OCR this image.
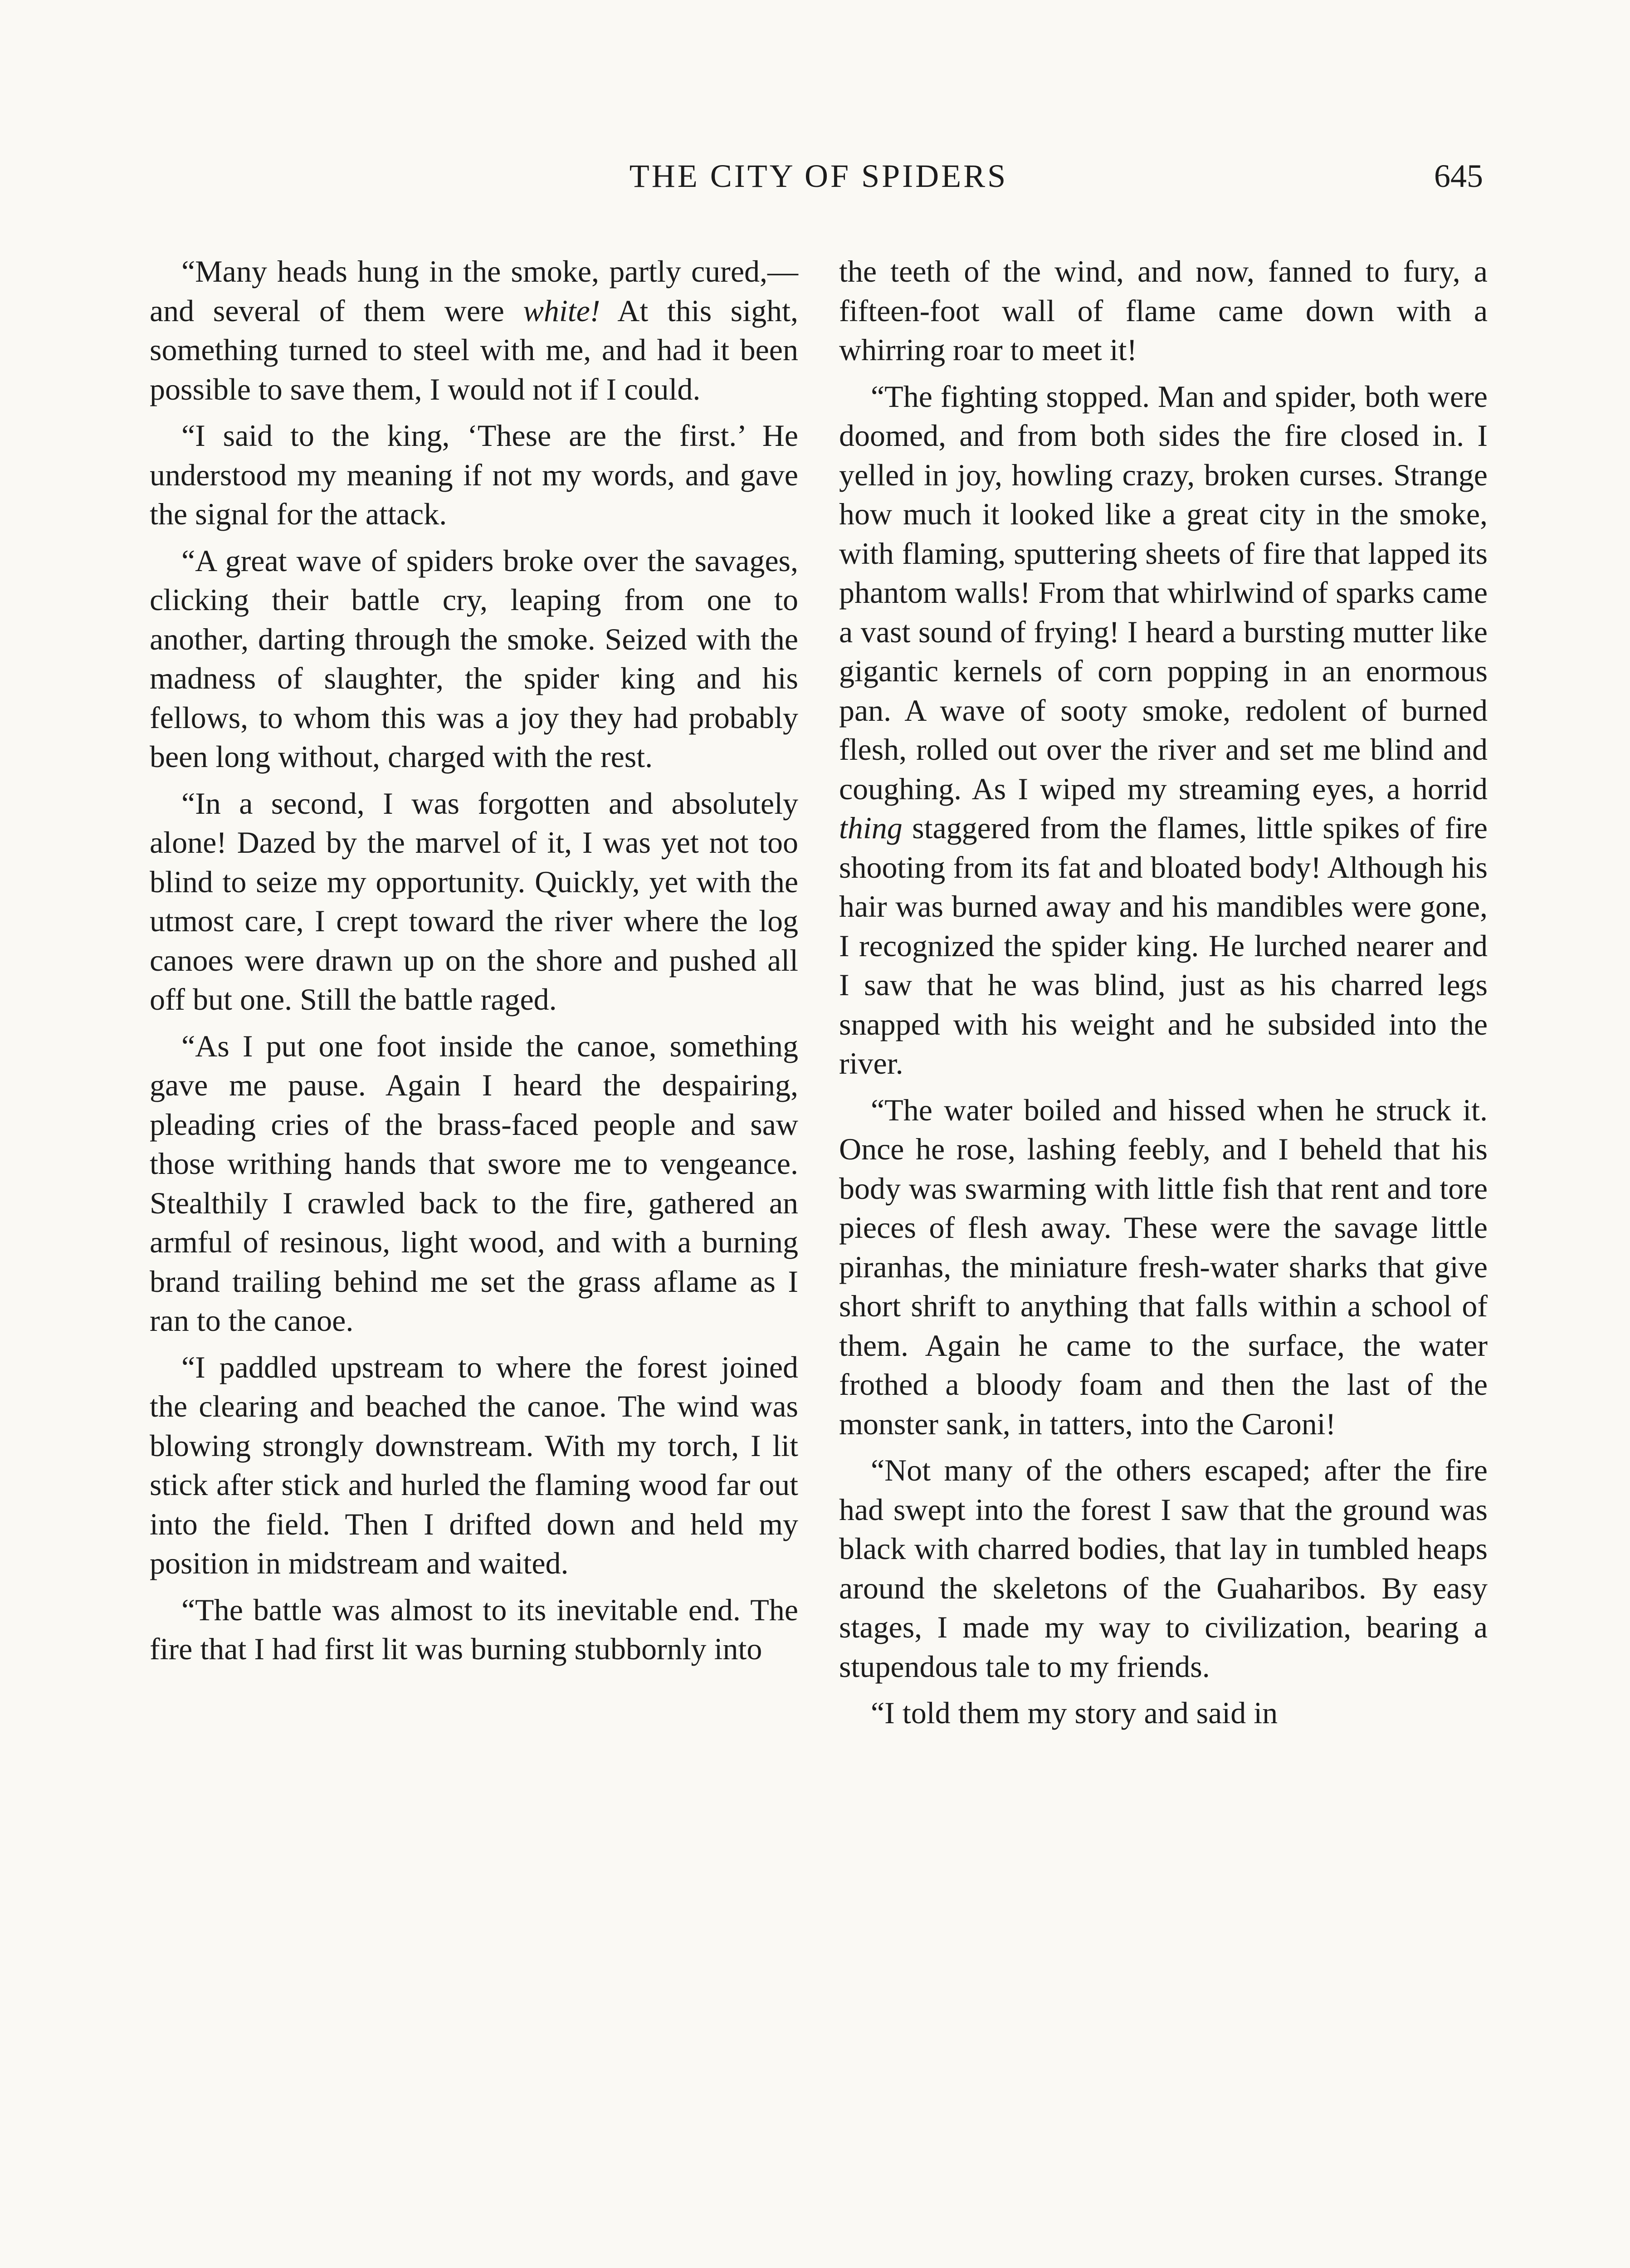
THE CITY OF SPIDERS	645

“Many heads hung in the smoke, partly cured,—and several of them were white! At this sight, something turned to steel with me, and had it been possible to save them, I would not if I could.

“I said to the king, ‘These are the first.’ He understood my meaning if not my words, and gave the signal for the attack.

“A great wave of spiders broke over the savages, clicking their battle cry, leaping from one to another, darting through the smoke. Seized with the madness of slaughter, the spider king and his fellows, to whom this was a joy they had probably been long without, charged with the rest.

“In a second, I was forgotten and absolutely alone! Dazed by the marvel of it, I was yet not too blind to seize my opportunity. Quickly, yet with the utmost care, I crept toward the river where the log canoes were drawn up on the shore and pushed all off but one. Still the battle raged.

“As I put one foot inside the canoe, something gave me pause. Again I heard the despairing, pleading cries of the brass-faced people and saw those writhing hands that swore me to vengeance. Stealthily I crawled back to the fire, gathered an armful of resinous, light wood, and with a burning brand trailing behind me set the grass aflame as I ran to the canoe.

“I paddled upstream to where the forest joined the clearing and beached the canoe. The wind was blowing strongly downstream. With my torch, I lit stick after stick and hurled the flaming wood far out into the field. Then I drifted down and held my position in midstream and waited.

“The battle was almost to its inevitable end. The fire that I had first lit was burning stubbornly into

the teeth of the wind, and now, fanned to fury, a fifteen-foot wall of flame came down with a whirring roar to meet it!

“The fighting stopped. Man and spider, both were doomed, and from both sides the fire closed in. I yelled in joy, howling crazy, broken curses. Strange how much it looked like a great city in the smoke, with flaming, sputtering sheets of fire that lapped its phantom walls! From that whirlwind of sparks came a vast sound of frying! I heard a bursting mutter like gigantic kernels of corn popping in an enormous pan. A wave of sooty smoke, redolent of burned flesh, rolled out over the river and set me blind and coughing. As I wiped my streaming eyes, a horrid thing staggered from the flames, little spikes of fire shooting from its fat and bloated body! Although his hair was burned away and his mandibles were gone, I recognized the spider king. He lurched nearer and I saw that he was blind, just as his charred legs snapped with his weight and he subsided into the river.

“The water boiled and hissed when he struck it. Once he rose, lashing feebly, and I beheld that his body was swarming with little fish that rent and tore pieces of flesh away. These were the savage little piranhas, the miniature fresh-water sharks that give short shrift to anything that falls within a school of them. Again he came to the surface, the water frothed a bloody foam and then the last of the monster sank, in tatters, into the Caroni!

“Not many of the others escaped; after the fire had swept into the forest I saw that the ground was black with charred bodies, that lay in tumbled heaps around the skeletons of the Guaharibos. By easy stages, I made my way to civilization, bearing a stupendous tale to my friends.

“I told them my story and said in
